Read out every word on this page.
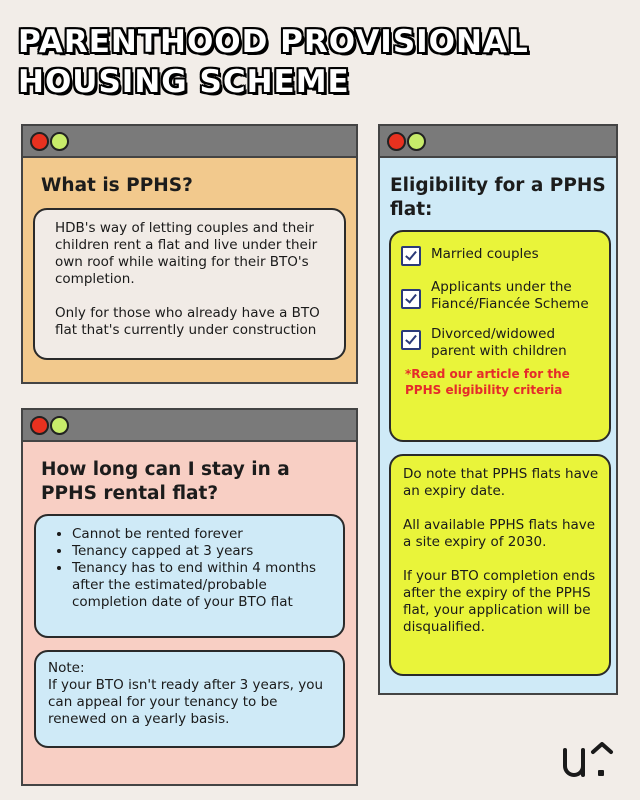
PARENTHOOD PROVISIONAL
HOUSING SCHEME
What is PPHS?

HDB's way of letting couples and their children rent a flat and live under their own roof while waiting for their BTO's completion.

Only for those who already have a BTO flat that's currently under construction

Eligibility for a PPHS flat:
Married couples
Applicants under the Fiancé/Fiancée Scheme
Divorced/widowed parent with children
*Read our article for the PPHS eligibility criteria

Do note that PPHS flats have an expiry date.

All available PPHS flats have a site expiry of 2030.

If your BTO completion ends after the expiry of the PPHS flat, your application will be disqualified.

How long can I stay in a PPHS rental flat?
• Cannot be rented forever
• Tenancy capped at 3 years
• Tenancy has to end within 4 months after the estimated/probable completion date of your BTO flat
Note:
If your BTO isn't ready after 3 years, you can appeal for your tenancy to be renewed on a yearly basis.
